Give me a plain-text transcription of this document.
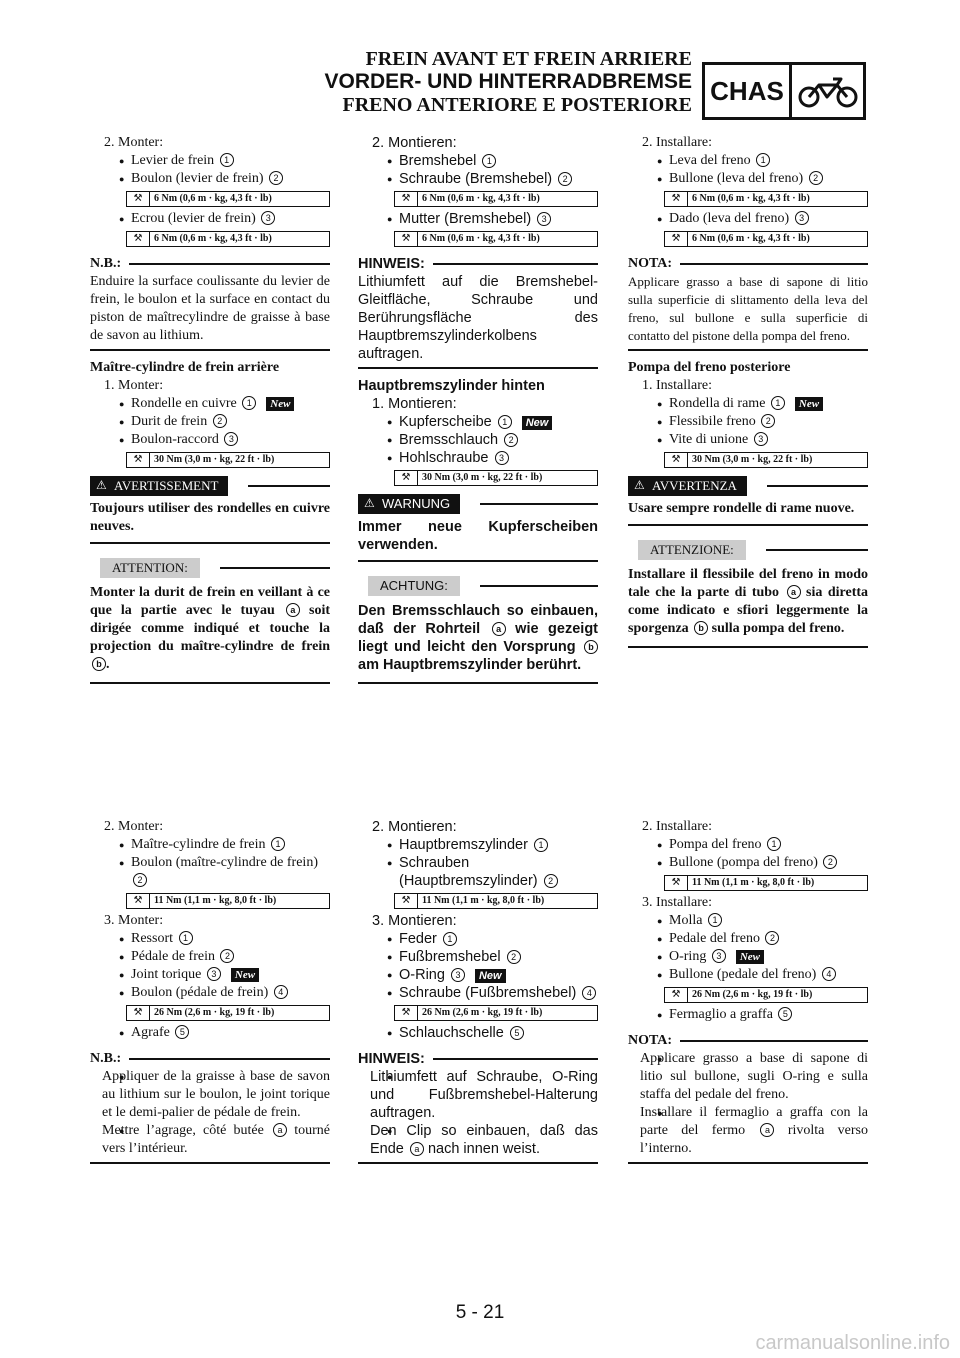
FREIN AVANT ET FREIN ARRIERE
VORDER- UND HINTERRADBREMSE
FRENO ANTERIORE E POSTERIORE CHAS
2. Monter:
● Levier de frein 1
● Boulon (levier de frein) 2
⚒	6 Nm (0,6 m · kg, 4,3 ft · lb)
● Ecrou (levier de frein) 3
⚒	6 Nm (0,6 m · kg, 4,3 ft · lb)
N.B.:
Enduire la surface coulissante du levier de frein, le boulon et la surface en contact du piston de maîtrecylindre de graisse à base de savon au lithium.
Maître-cylindre de frein arrière
1. Monter:
● Rondelle en cuivre 1 New
● Durit de frein 2
● Boulon-raccord 3
⚒	30 Nm (3,0 m · kg, 22 ft · lb)
⚠ AVERTISSEMENT
Toujours utiliser des rondelles en cuivre neuves.
ATTENTION:
Monter la durit de frein en veillant à ce que la partie avec le tuyau a soit dirigée comme indiqué et touche la projection du maître-cylindre de frein b .
2. Montieren:
● Bremshebel 1
● Schraube (Bremshebel) 2
⚒	6 Nm (0,6 m · kg, 4,3 ft · lb)
● Mutter (Bremshebel) 3
⚒	6 Nm (0,6 m · kg, 4,3 ft · lb)
HINWEIS:
Lithiumfett auf die Bremshebel-Gleitfläche, Schraube und Berührungsfläche des Hauptbremszylinderkolbens auftragen.
Hauptbremszylinder hinten
1. Montieren:
● Kupferscheibe 1 New
● Bremsschlauch 2
● Hohlschraube 3
⚒	30 Nm (3,0 m · kg, 22 ft · lb)
⚠ WARNUNG
Immer neue Kupferscheiben verwenden.
ACHTUNG:
Den Bremsschlauch so einbauen, daß der Rohrteil a wie gezeigt liegt und leicht den Vorsprung b am Hauptbremszylinder berührt.
2. Installare:
● Leva del freno 1
● Bullone (leva del freno) 2
⚒	6 Nm (0,6 m · kg, 4,3 ft · lb)
● Dado (leva del freno) 3
⚒	6 Nm (0,6 m · kg, 4,3 ft · lb)
NOTA:
Applicare grasso a base di sapone di litio sulla superficie di slittamento della leva del freno, sul bullone e sulla superficie di contatto del pistone della pompa del freno.
Pompa del freno posteriore
1. Installare:
● Rondella di rame 1 New
● Flessibile freno 2
● Vite di unione 3
⚒	30 Nm (3,0 m · kg, 22 ft · lb)
⚠ AVVERTENZA
Usare sempre rondelle di rame nuove.
ATTENZIONE:
Installare il flessibile del freno in modo tale che la parte di tubo a sia diretta come indicato e sfiori leggermente la sporgenza b sulla pompa del freno.
2. Monter:
● Maître-cylindre de frein 1
● Boulon (maître-cylindre de frein) 2
⚒	11 Nm (1,1 m · kg, 8,0 ft · lb)
3. Monter:
● Ressort 1
● Pédale de frein 2
● Joint torique 3 New
● Boulon (pédale de frein) 4
⚒	26 Nm (2,6 m · kg, 19 ft · lb)
● Agrafe 5
N.B.:
● Appliquer de la graisse à base de savon au lithium sur le boulon, le joint torique et le demi-palier de pédale de frein.
● Mettre l’agrage, côté butée a tourné vers l’intérieur.
2. Montieren:
● Hauptbremszylinder 1
● Schrauben (Hauptbremszylinder) 2
⚒	11 Nm (1,1 m · kg, 8,0 ft · lb)
3. Montieren:
● Feder 1
● Fußbremshebel 2
● O-Ring 3 New
● Schraube (Fußbremshebel) 4
⚒	26 Nm (2,6 m · kg, 19 ft · lb)
● Schlauchschelle 5
HINWEIS:
● Lithiumfett auf Schraube, O-Ring und Fußbremshebel-Halterung auftragen.
● Den Clip so einbauen, daß das Ende a nach innen weist.
2. Installare:
● Pompa del freno 1
● Bullone (pompa del freno) 2
⚒	11 Nm (1,1 m · kg, 8,0 ft · lb)
3. Installare:
● Molla 1
● Pedale del freno 2
● O-ring 3 New
● Bullone (pedale del freno) 4
⚒	26 Nm (2,6 m · kg, 19 ft · lb)
● Fermaglio a graffa 5
NOTA:
● Applicare grasso a base di sapone di litio sul bullone, sugli O-ring e sulla staffa del pedale del freno.
● Installare il fermaglio a graffa con la parte del fermo a rivolta verso l’interno.
5 - 21
carmanualsonline.info
